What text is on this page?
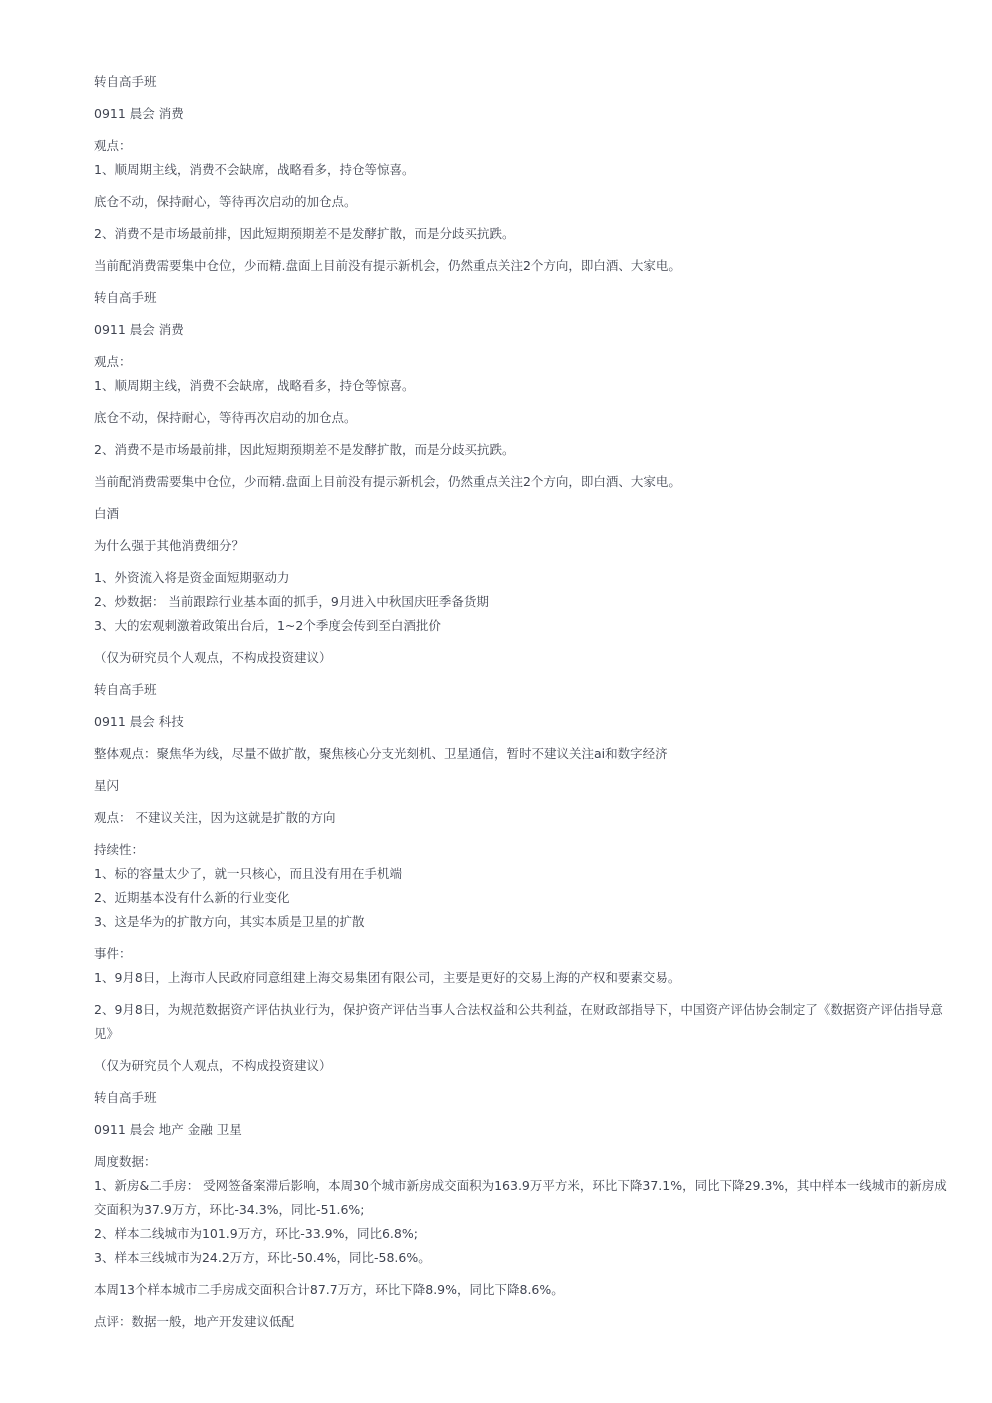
转自高手班

0911 晨会 消费

观点：

1、顺周期主线，消费不会缺席，战略看多，持仓等惊喜。

底仓不动，保持耐心，等待再次启动的加仓点。

2、消费不是市场最前排，因此短期预期差不是发酵扩散，而是分歧买抗跌。

当前配消费需要集中仓位，少而精.盘面上目前没有提示新机会，仍然重点关注2个方向，即白酒、大家电。

转自高手班

0911 晨会 消费

观点：

1、顺周期主线，消费不会缺席，战略看多，持仓等惊喜。

底仓不动，保持耐心，等待再次启动的加仓点。

2、消费不是市场最前排，因此短期预期差不是发酵扩散，而是分歧买抗跌。

当前配消费需要集中仓位，少而精.盘面上目前没有提示新机会，仍然重点关注2个方向，即白酒、大家电。

白酒

为什么强于其他消费细分？

1、外资流入将是资金面短期驱动力

2、炒数据： 当前跟踪行业基本面的抓手，9月进入中秋国庆旺季备货期

3、大的宏观刺激着政策出台后，1~2个季度会传到至白酒批价

（仅为研究员个人观点，不构成投资建议）

转自高手班

0911 晨会 科技

整体观点：聚焦华为线，尽量不做扩散，聚焦核心分支光刻机、卫星通信，暂时不建议关注ai和数字经济

星闪

观点： 不建议关注，因为这就是扩散的方向

持续性：

1、标的容量太少了，就一只核心，而且没有用在手机端

2、近期基本没有什么新的行业变化

3、这是华为的扩散方向，其实本质是卫星的扩散

事件：

1、9月8日，上海市人民政府同意组建上海交易集团有限公司，主要是更好的交易上海的产权和要素交易。

2、9月8日，为规范数据资产评估执业行为，保护资产评估当事人合法权益和公共利益，在财政部指导下，中国资产评估协会制定了《数据资产评估指导意见》

（仅为研究员个人观点，不构成投资建议）

转自高手班

0911 晨会 地产 金融 卫星

周度数据：

1、新房&二手房： 受网签备案滞后影响，本周30个城市新房成交面积为163.9万平方米，环比下降37.1%，同比下降29.3%，其中样本一线城市的新房成交面积为37.9万方，环比-34.3%，同比-51.6%;

2、样本二线城市为101.9万方，环比-33.9%，同比6.8%;

3、样本三线城市为24.2万方，环比-50.4%，同比-58.6%。

本周13个样本城市二手房成交面积合计87.7万方，环比下降8.9%，同比下降8.6%。

点评：数据一般，地产开发建议低配
